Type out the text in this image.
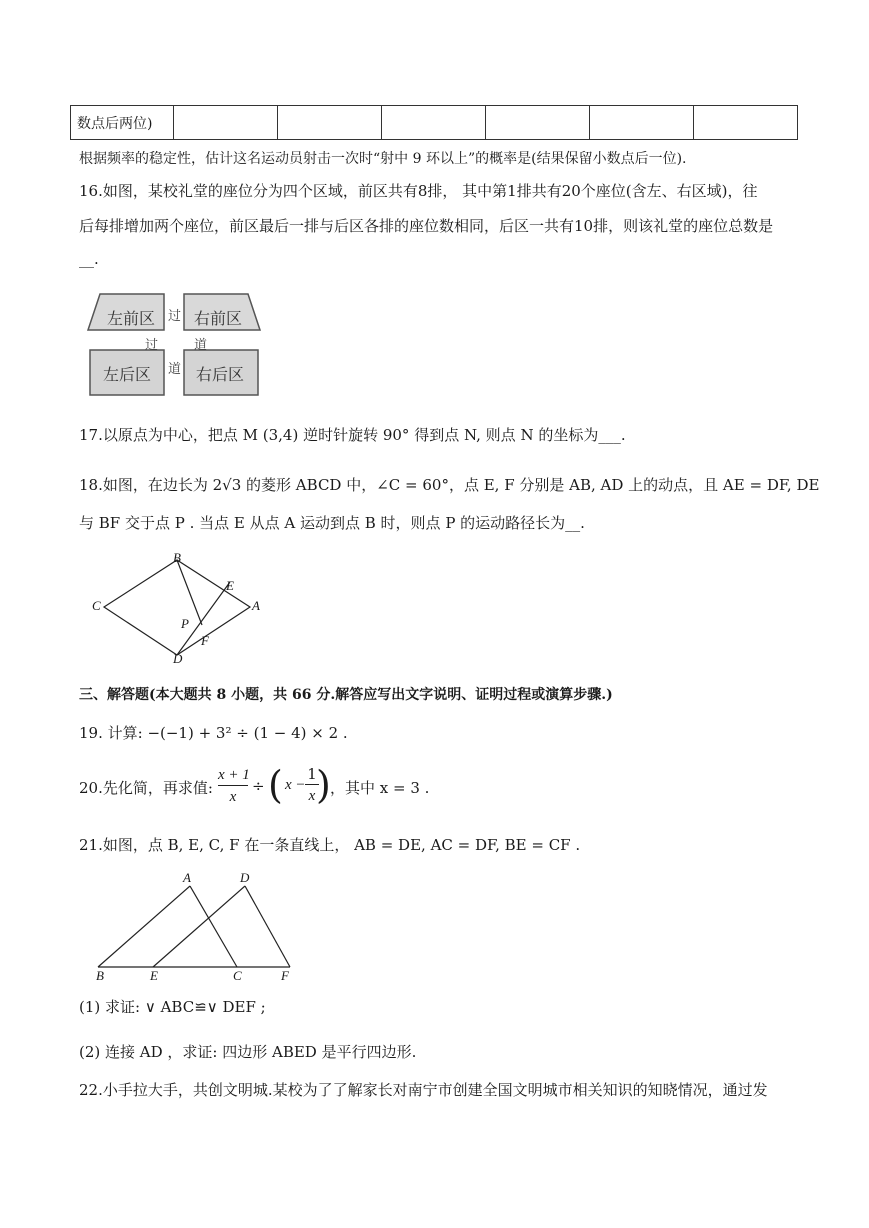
数点后两位)						
根据频率的稳定性，估计这名运动员射击一次时“射中 9 环以上”的概率是(结果保留小数点后一位).
16.如图，某校礼堂的座位分为四个区域，前区共有8排， 其中第1排共有20个座位(含左、右区域)，往
后每排增加两个座位，前区最后一排与后区各排的座位数相同，后区一共有10排，则该礼堂的座位总数是
__.
左前区 右前区
左后区	右后区
过
过	道
道
17.以原点为中心，把点 M (3,4) 逆时针旋转 90° 得到点 N, 则点 N 的坐标为___.
18.如图，在边长为 2√3 的菱形 ABCD 中，∠C = 60°，点 E, F 分别是 AB, AD 上的动点，且 AE = DF, DE
与 BF 交于点 P . 当点 E 从点 A 运动到点 B 时，则点 P 的运动路径长为__.
B
C
E
A
P
F
D
三、解答题(本大题共 8 小题，共 66 分.解答应写出文字说明、证明过程或演算步骤.)
19. 计算: −(−1) + 3² ÷ (1 − 4) × 2 .
20.先化简，再求值:
x + 1
x
÷ ( x −
1
x ) ，其中 x = 3 .
21.如图，点 B, E, C, F 在一条直线上， AB = DE, AC = DF, BE = CF .
A	D
B	E	C	F
(1) 求证: ∨ ABC≌∨ DEF ;
(2) 连接 AD ，求证: 四边形 ABED 是平行四边形.
22.小手拉大手，共创文明城.某校为了了解家长对南宁市创建全国文明城市相关知识的知晓情况，通过发
